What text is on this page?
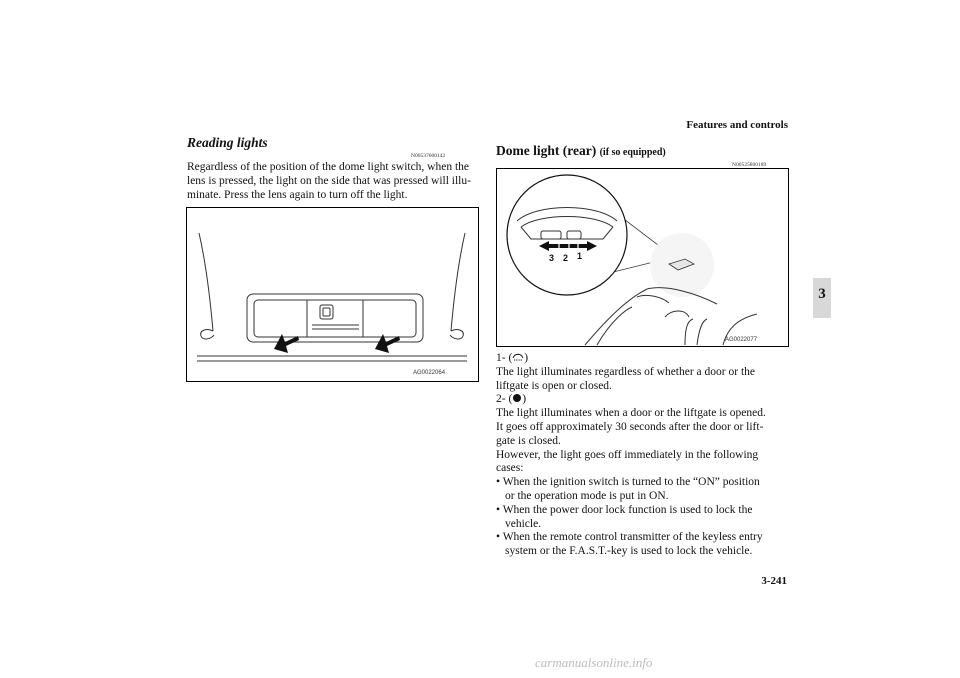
Features and controls
3
Reading lights
N00537600142
Regardless of the position of the dome light switch, when the
lens is pressed, the light on the side that was pressed will illu-
minate. Press the lens again to turn off the light.
AG0022064
Dome light (rear) (if so equipped)
N00525800189
3 2 1
AG0022077
1- ( )
The light illuminates regardless of whether a door or the
liftgate is open or closed.
2- ( )
The light illuminates when a door or the liftgate is opened.
It goes off approximately 30 seconds after the door or lift-
gate is closed.
However, the light goes off immediately in the following
cases:
• When the ignition switch is turned to the “ON” position
or the operation mode is put in ON.
• When the power door lock function is used to lock the
vehicle.
• When the remote control transmitter of the keyless entry
system or the F.A.S.T.-key is used to lock the vehicle.
3-241
carmanualsonline.info
